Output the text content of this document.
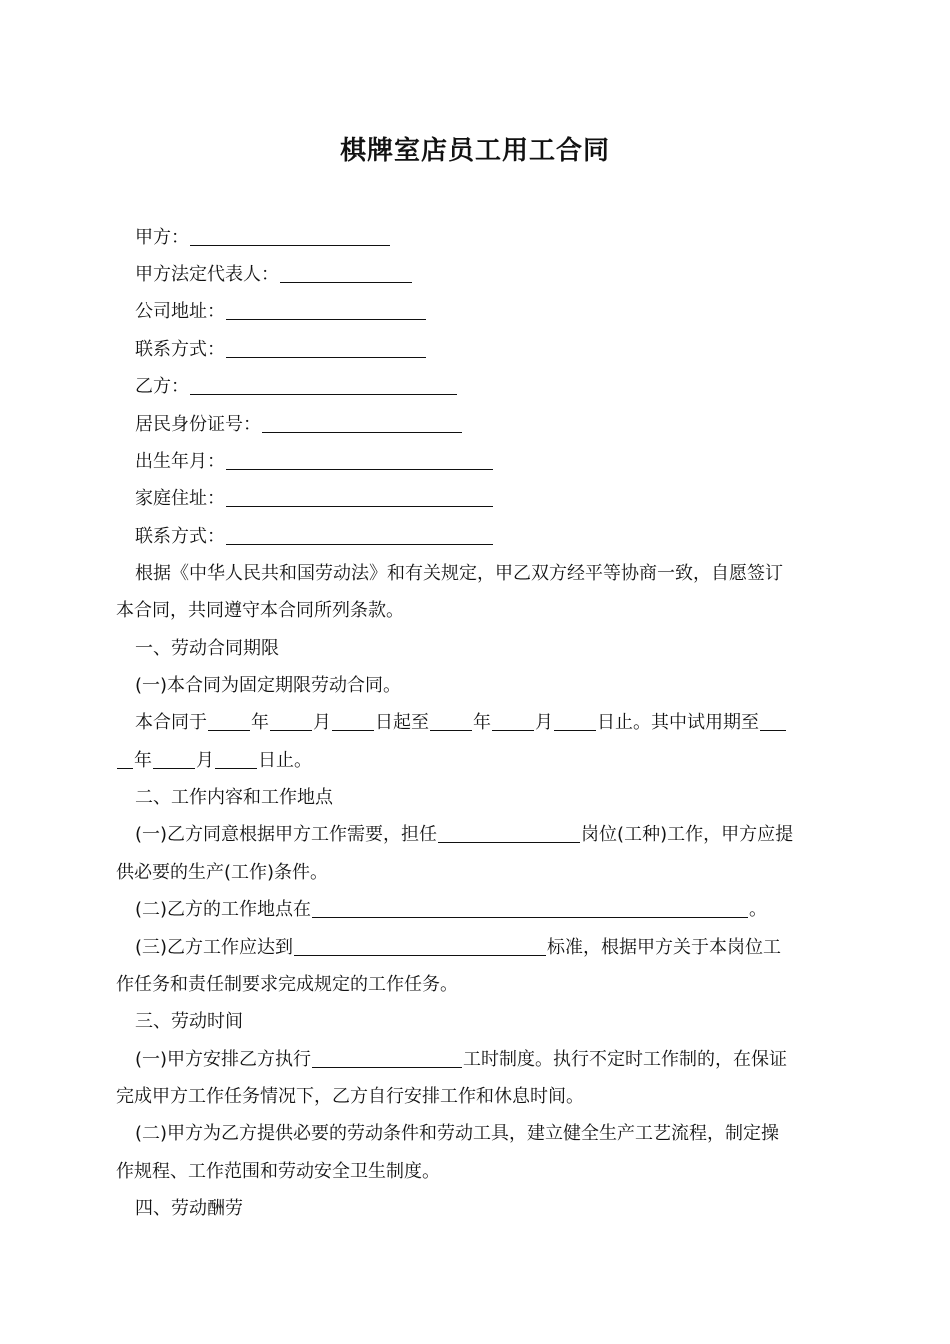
棋牌室店员工用工合同
甲方：
甲方法定代表人：
公司地址：
联系方式：
乙方：
居民身份证号：
出生年月：
家庭住址：
联系方式：
根据《中华人民共和国劳动法》和有关规定，甲乙双方经平等协商一致，自愿签订
本合同，共同遵守本合同所列条款。
一、劳动合同期限
(一)本合同为固定期限劳动合同。
本合同于 年 月 日起至 年 月 日止。其中试用期至
年 月 日止。
二、工作内容和工作地点
(一)乙方同意根据甲方工作需要，担任	岗位(工种)工作，甲方应提
供必要的生产(工作)条件。
(二)乙方的工作地点在	。
(三)乙方工作应达到	标准，根据甲方关于本岗位工
作任务和责任制要求完成规定的工作任务。
三、劳动时间
(一)甲方安排乙方执行	工时制度。执行不定时工作制的，在保证
完成甲方工作任务情况下，乙方自行安排工作和休息时间。
(二)甲方为乙方提供必要的劳动条件和劳动工具，建立健全生产工艺流程，制定操
作规程、工作范围和劳动安全卫生制度。
四、劳动酬劳
